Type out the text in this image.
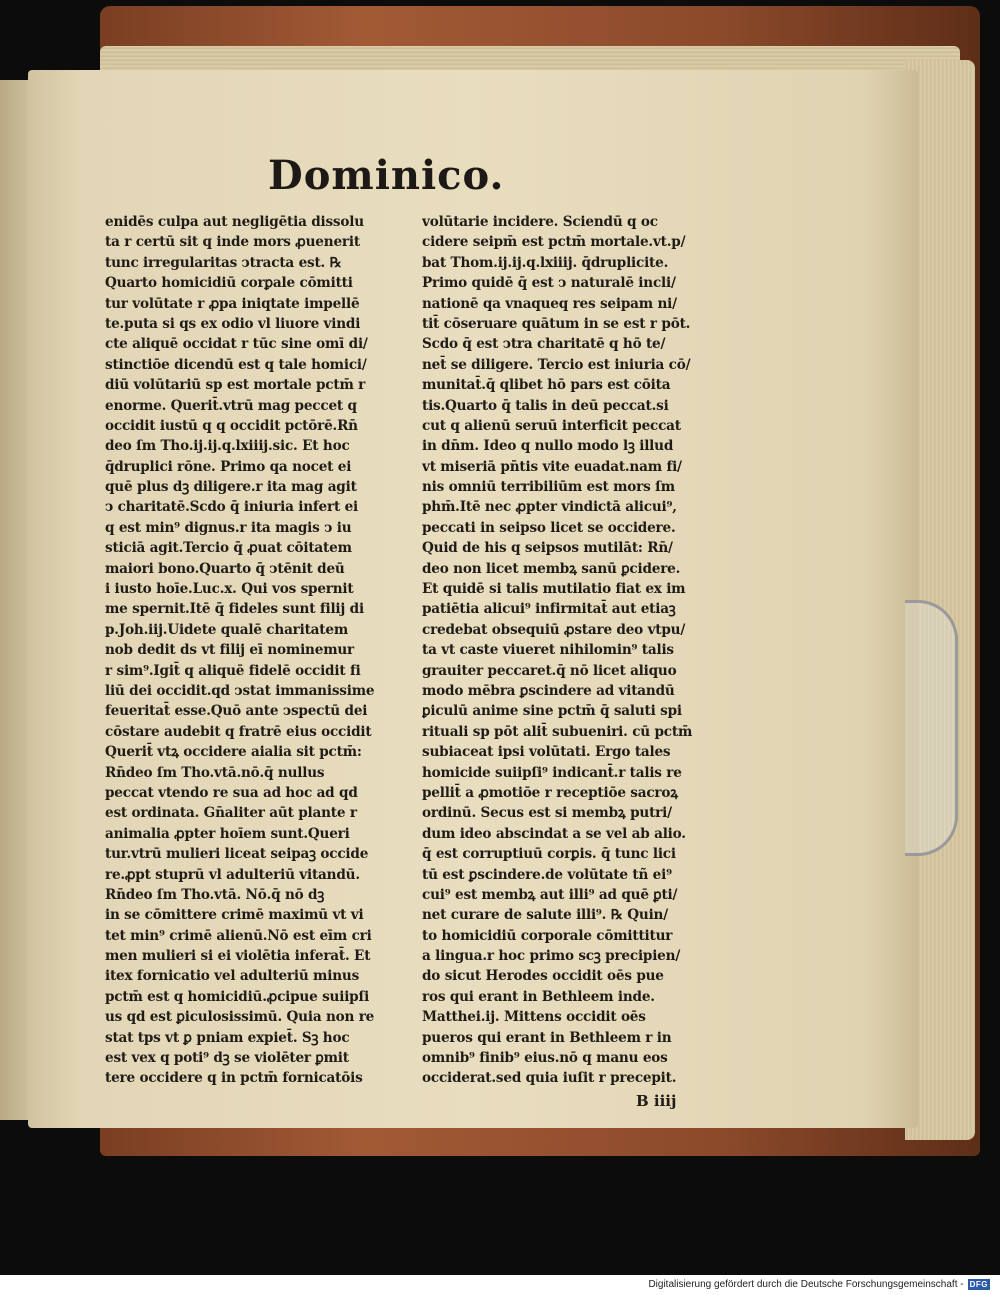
Dominico.
enidēs culpa aut negligētia dissolu
ta r certū sit q inde mors ꝓuenerit
tunc irregularitas ↄtracta est. ℞
Quarto homicidiū corꝑale cōmitti
tur volūtate r ꝓpa iniqtate impellē
te.puta si qs ex odio vl liuore vindi
cte aliquē occidat r tūc sine omī di/
stinctiōe dicendū est q tale homici/
diū volūtariū sp est mortale pctm̄ r
enorme. Querit̄.vtrū mag peccet q
occidit iustū q q occidit pctōrē.Rn̄
deo ſm Tho.ij.ij.q.lxiiij.sic. Et hoc
q̄druplici rōne. Primo qa nocet ei
quē plus dꝫ diligere.r ita mag agit
ↄ charitatē.Scdo q̄ iniuria infert ei
q est min⁹ dignus.r ita magis ↄ iu
sticiā agit.Tercio q̄ ꝓuat cōitatem
maiori bono.Quarto q̄ ↄtēnit deū
i iusto hoīe.Luc.x. Qui vos spernit
me spernit.Itē q̄ fideles sunt filij di
p.Joh.iij.Uidete qualē charitatem
nob dedit ds vt filij eī nominemur
r sim⁹.Igit̄ q aliquē fidelē occidit fi
liū dei occidit.qd ↄstat immanissime
feueritat̄ esse.Quō ante ↄspectū dei
cōstare audebit q fratrē eius occidit
Querit̄ vtꝝ occidere aialia sit pctm̄:
Rn̄deo ſm Tho.vtā.nō.q̄ nullus
peccat vtendo re sua ad hoc ad qd
est ordinata. Gn̄aliter aūt plante r
animalia ꝓpter hoīem sunt.Queri
tur.vtrū mulieri liceat seipaꝫ occide
re.ꝓpt stuprū vl adulteriū vitandū.
Rn̄deo ſm Tho.vtā. Nō.q̄ nō dꝫ
in se cōmittere crimē maximū vt vi
tet min⁹ crimē alienū.Nō est eīm cri
men mulieri si ei violētia inferat̄. Et
itex fornicatio vel adulteriū minus
pctm̄ est q homicidiū.ꝓcipue suiipſi
us qd est ꝑiculosissimū. Quia non re
stat tps vt ꝑ pniam expiet̄. Sꝫ hoc
est vex q poti⁹ dꝫ se violēter ꝑmit
tere occidere q in pctm̄ fornicatōis
volūtarie incidere. Sciendū q oc
cidere seipm̄ est pctm̄ mortale.vt.p/
bat Thom.ij.ij.q.lxiiij. q̄druplicite.
Primo quidē q̄ est ↄ naturalē incli/
nationē qa vnaqueq res seipam ni/
tit̄ cōseruare quātum in se est r pōt.
Scdo q̄ est ↄtra charitatē q hō te/
net̄ se diligere. Tercio est iniuria cō/
munitat̄.q̄ qlibet hō pars est cōita
tis.Quarto q̄ talis in deū peccat.si
cut q alienū seruū interficit peccat
in dn̄m. Ideo q nullo modo lꝫ illud
vt miseriā pn̄tis vite euadat.nam fi/
nis omniū terribiliūm est mors ſm
phm̄.Itē nec ꝓpter vindictā alicui⁹,
peccati in seipso licet se occidere.
Quid de his q seipsos mutilāt: Rn̄/
deo non licet membꝝ sanū ꝑcidere.
Et quidē si talis mutilatio fiat ex im
patiētia alicui⁹ infirmitat̄ aut etiaꝫ
credebat obsequiū ꝓstare deo vtpu/
ta vt caste viueret nihilomin⁹ talis
grauiter peccaret.q̄ nō licet aliquo
modo mēbra ꝑscindere ad vitandū
ꝑiculū anime sine pctm̄ q̄ saluti spi
rituali sp pōt alit̄ subueniri. cū pctm̄
subiaceat ipsi volūtati. Ergo tales
homicide suiipſi⁹ indicant̄.r talis re
pellit̄ a ꝓmotiōe r receptiōe sacroꝝ
ordinū. Secus est si membꝝ putri/
dum ideo abscindat a se vel ab alio.
q̄ est corruptiuū corꝑis. q̄ tunc lici
tū est ꝑscindere.de volūtate tñ ei⁹
cui⁹ est membꝝ aut illi⁹ ad quē ꝑti/
net curare de salute illi⁹. ℞ Quin/
to homicidiū corporale cōmittitur
a lingua.r hoc primo scꝫ precipien/
do sicut Herodes occidit oēs pue
ros qui erant in Bethleem inde.
Matthei.ij. Mittens occidit oēs
pueros qui erant in Bethleem r in
omnib⁹ finib⁹ eius.nō q manu eos
occiderat.sed quia iuſit r precepit.
B iiij
Digitalisierung gefördert durch die Deutsche Forschungsgemeinschaft - DFG
